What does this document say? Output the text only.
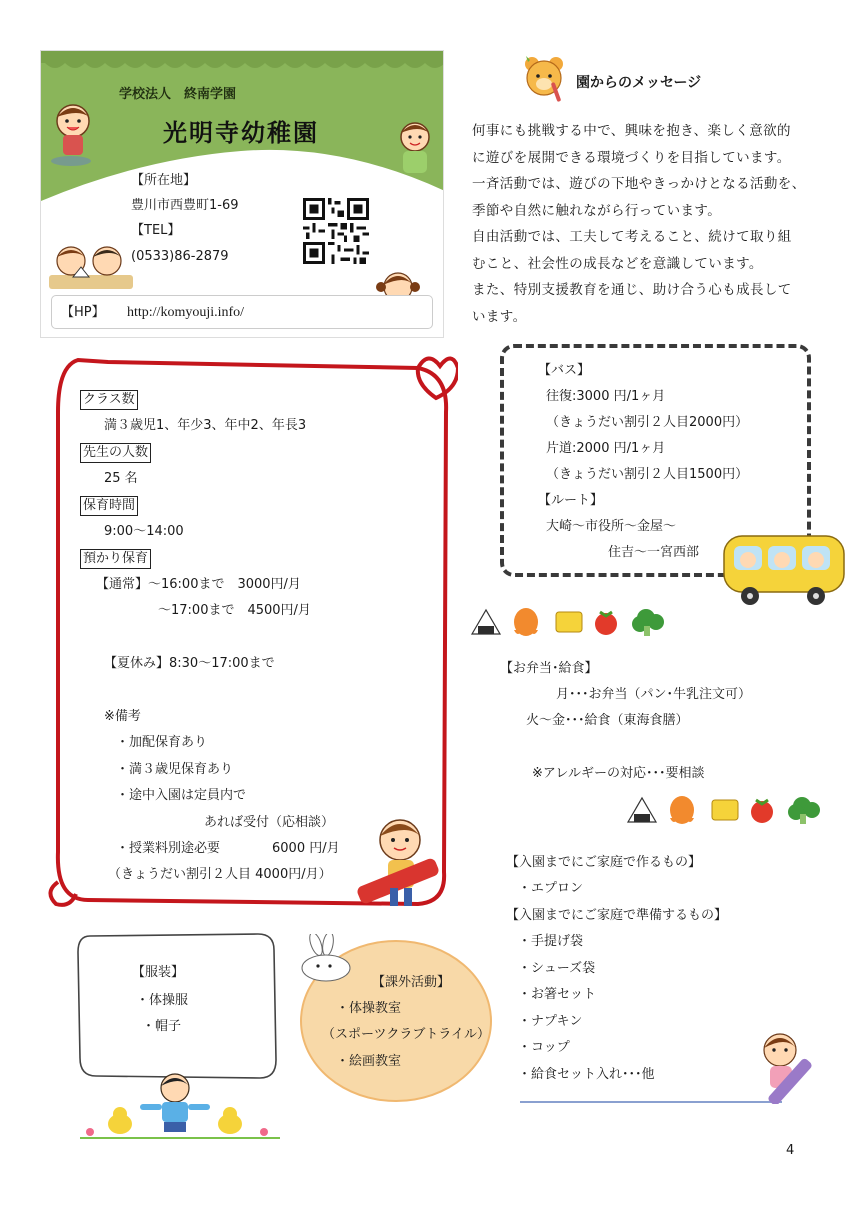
学校法人　終南学園
光明寺幼稚園
【所在地】
豊川市西豊町1-69
【TEL】
(0533)86-2879
【HP】 http://komyouji.info/
園からのメッセージ
何事にも挑戦する中で、興味を抱き、楽しく意欲的
に遊びを展開できる環境づくりを目指しています。
一斉活動では、遊びの下地やきっかけとなる活動を、
季節や自然に触れながら行っています。
自由活動では、工夫して考えること、続けて取り組
むこと、社会性の成長などを意識しています。
また、特別支援教育を通じ、助け合う心も成長して
います。
クラス数
満３歳児1、年少3、年中2、年長3
先生の人数
25 名
保育時間
9:00～14:00
預かり保育
【通常】～16:00まで　3000円/月
～17:00まで　4500円/月
【夏休み】8:30～17:00まで
※備考
・加配保育あり
・満３歳児保育あり
・途中入園は定員内で
あれば受付（応相談）
・授業料別途必要	6000 円/月
（きょうだい割引２人目 4000円/月）
【バス】
往復:3000 円/1ヶ月
（きょうだい割引２人目2000円）
片道:2000 円/1ヶ月
（きょうだい割引２人目1500円）
【ルート】
大崎～市役所～金屋～
住吉～一宮西部
【お弁当･給食】
月･･･お弁当（パン･牛乳注文可）
火～金･･･給食（東海食膳）
※アレルギーの対応･･･要相談
【入園までにご家庭で作るもの】
・エプロン
【入園までにご家庭で準備するもの】
・手提げ袋
・シューズ袋
・お箸セット
・ナプキン
・コップ
・給食セット入れ･･･他
【服装】
・体操服
・帽子
【課外活動】
・体操教室
（スポーツクラブトライル）
・絵画教室
4
